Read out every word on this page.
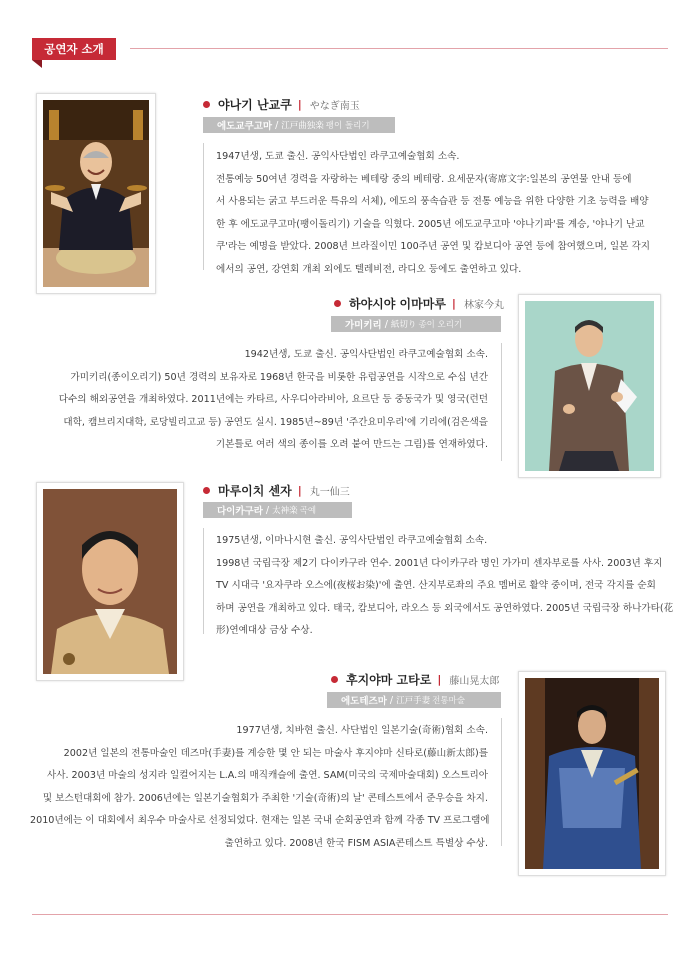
공연자 소개
야나기 난교쿠 | やなぎ南玉
에도교쿠고마 / 江戸曲独楽 팽이 돌리기

1947년생, 도쿄 출신. 공익사단법인 라쿠고예술협회 소속.

전통예능 50여년 경력을 자랑하는 베테랑 중의 베테랑. 요세문자(寄席文字:일본의 공연물 안내 등에

서 사용되는 굵고 부드러운 특유의 서체), 에도의 풍속습관 등 전통 예능을 위한 다양한 기초 능력을 배양

한 후 에도교쿠고마(팽이돌리기) 기술을 익혔다. 2005년 에도교쿠고마 '야나기파'를 계승, '야나기 난교

쿠'라는 예명을 받았다. 2008년 브라질이민 100주년 공연 및 캄보디아 공연 등에 참여했으며, 일본 각지

에서의 공연, 강연회 개최 외에도 텔레비전, 라디오 등에도 출연하고 있다.

하야시야 이마마루 | 林家今丸
가미키리 / 紙切り 종이 오리기

1942년생, 도쿄 출신. 공익사단법인 라쿠고예술협회 소속.

가미키리(종이오리기) 50년 경력의 보유자로 1968년 한국을 비롯한 유럽공연을 시작으로 수십 년간

다수의 해외공연을 개최하였다. 2011년에는 카타르, 사우디아라비아, 요르단 등 중동국가 및 영국(런던

대학, 캠브리지대학, 로당빌리고교 등) 공연도 실시. 1985년~89년 '주간요미우리'에 기리에(검은색을

기본틀로 여러 색의 종이를 오려 붙여 만드는 그림)를 연재하였다.

마루이치 센자 | 丸一仙三
다이카구라 / 太神楽 곡예

1975년생, 이마나시현 출신. 공익사단법인 라쿠고예술협회 소속.

1998년 국립극장 제2기 다이카구라 연수. 2001년 다이카구라 명인 가가미 센자부로를 사사. 2003년 후지

TV 시대극 '요자쿠라 오스에(夜桜お染)'에 출연. 산지부로좌의 주요 멤버로 활약 중이며, 전국 각지를 순회

하며 공연을 개최하고 있다. 태국, 캄보디아, 라오스 등 외국에서도 공연하였다. 2005년 국립극장 하나가타(花

形)연예대상 금상 수상.

후지야마 고타로 | 藤山晃太郎
에도테즈마 / 江戸手妻 전통마술

1977년생, 치바현 출신. 사단법인 일본기술(奇術)협회 소속.

2002년 일본의 전통마술인 데즈마(手妻)를 계승한 몇 안 되는 마술사 후지야마 신타로(藤山新太郎)를

사사. 2003년 마술의 성지라 일컬어지는 L.A.의 매직캐슬에 출연. SAM(미국의 국제마술대회) 오스트리아

및 보스턴대회에 참가. 2006년에는 일본기술협회가 주최한 '기술(奇術)의 날' 콘테스트에서 준우승을 차지.

2010년에는 이 대회에서 최우수 마술사로 선정되었다. 현재는 일본 국내 순회공연과 함께 각종 TV 프로그램에

출연하고 있다. 2008년 한국 FISM ASIA콘테스트 특별상 수상.
